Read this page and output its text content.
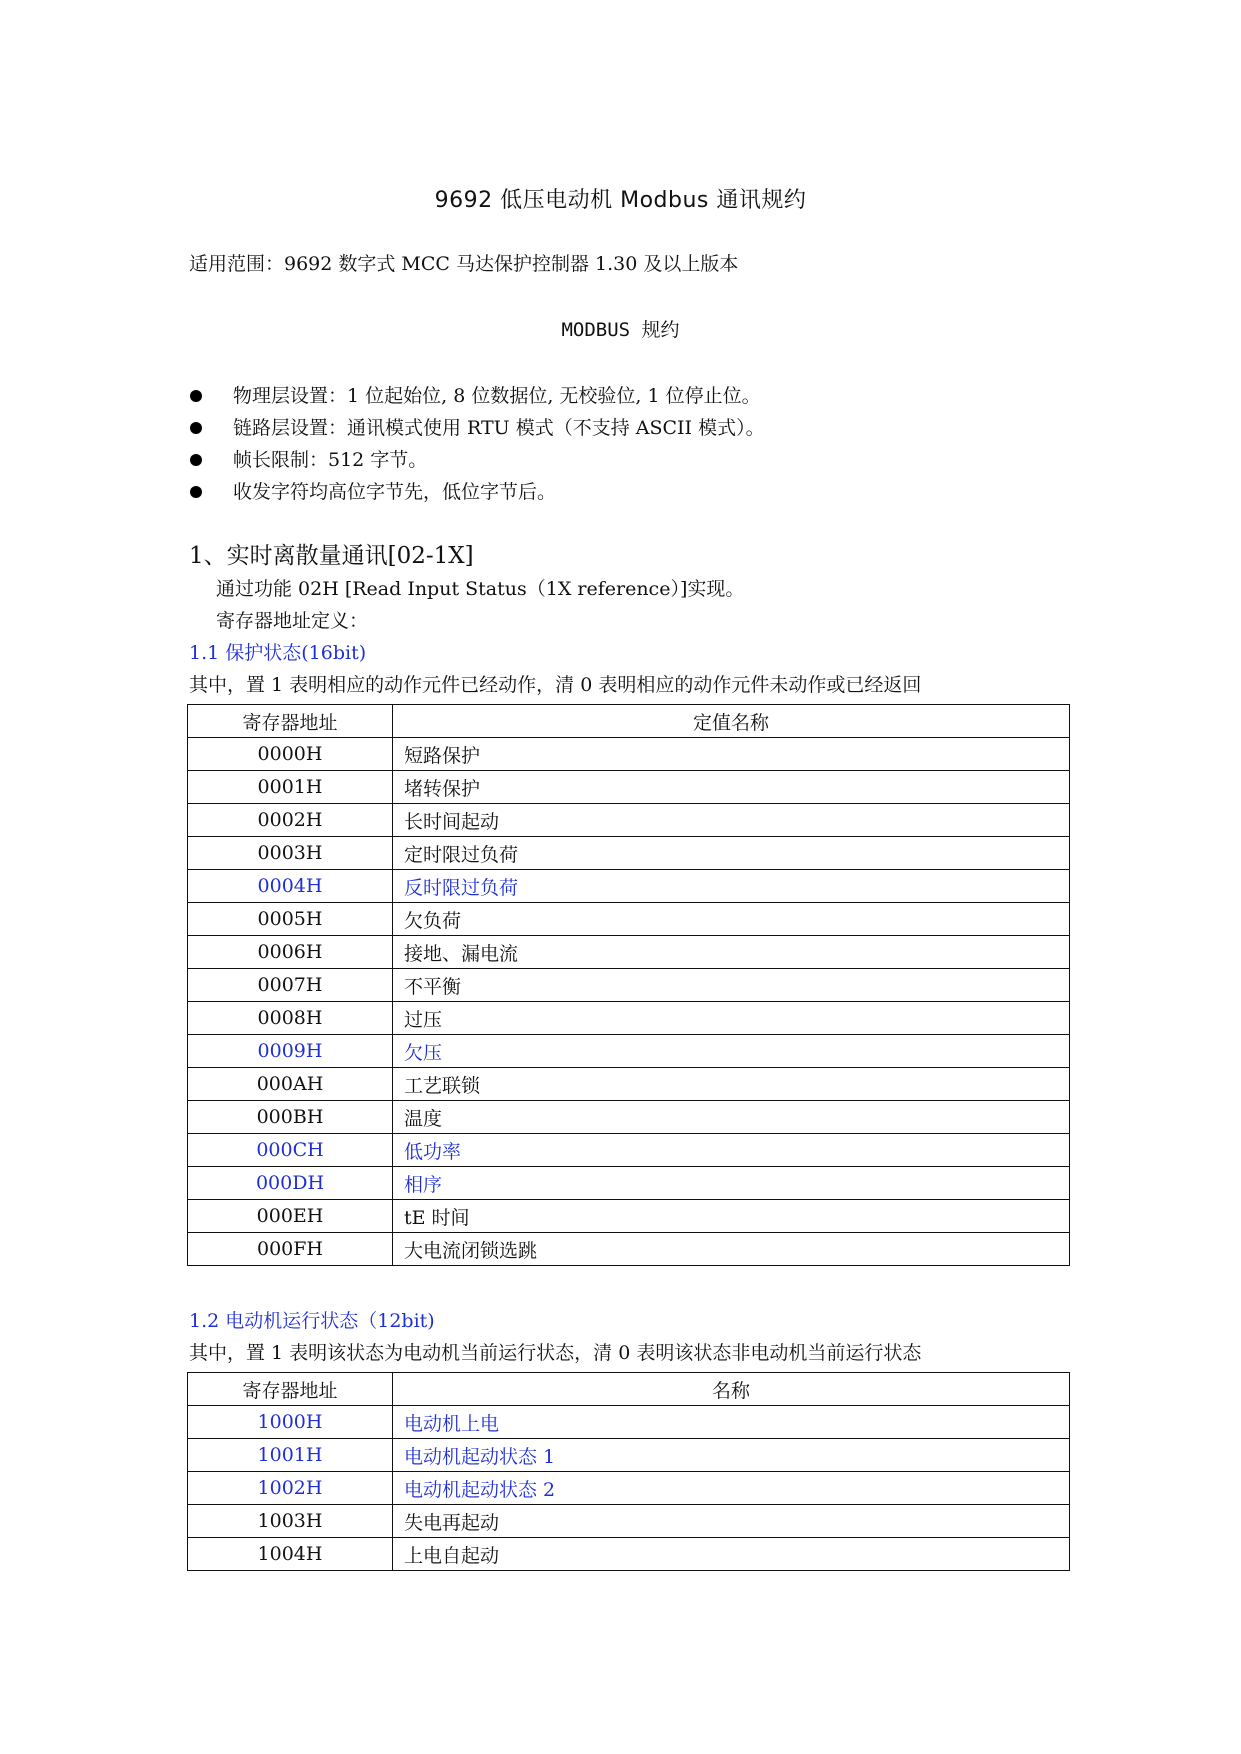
9692 低压电动机 Modbus 通讯规约
适用范围：9692 数字式 MCC 马达保护控制器 1.30 及以上版本
MODBUS 规约
物理层设置：1 位起始位, 8 位数据位, 无校验位, 1 位停止位。
链路层设置：通讯模式使用 RTU 模式（不支持 ASCII 模式）。
帧长限制：512 字节。
收发字符均高位字节先，低位字节后。
1、实时离散量通讯[02-1X]
通过功能 02H [Read Input Status（1X reference）]实现。
寄存器地址定义：
1.1 保护状态(16bit)
其中，置 1 表明相应的动作元件已经动作，清 0 表明相应的动作元件未动作或已经返回
寄存器地址	定值名称
0000H	短路保护
0001H	堵转保护
0002H	长时间起动
0003H	定时限过负荷
0004H	反时限过负荷
0005H	欠负荷
0006H	接地、漏电流
0007H	不平衡
0008H	过压
0009H	欠压
000AH	工艺联锁
000BH	温度
000CH	低功率
000DH	相序
000EH	tE 时间
000FH	大电流闭锁选跳
1.2 电动机运行状态（12bit)
其中，置 1 表明该状态为电动机当前运行状态，清 0 表明该状态非电动机当前运行状态
寄存器地址	名称
1000H	电动机上电
1001H	电动机起动状态 1
1002H	电动机起动状态 2
1003H	失电再起动
1004H	上电自起动
